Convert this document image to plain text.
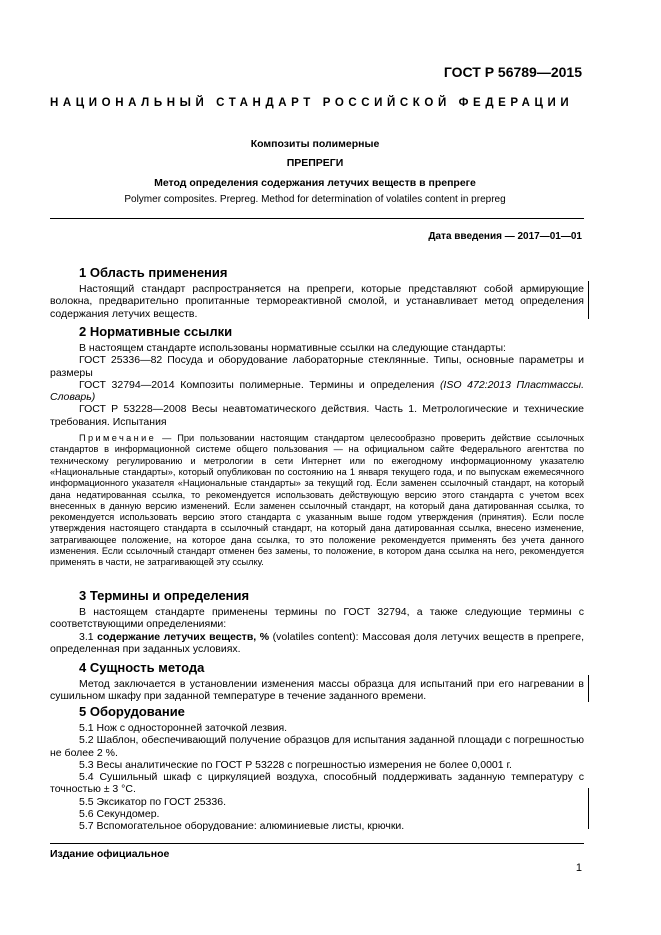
ГОСТ Р 56789—2015
НАЦИОНАЛЬНЫЙ СТАНДАРТ РОССИЙСКОЙ ФЕДЕРАЦИИ
Композиты полимерные
ПРЕПРЕГИ
Метод определения содержания летучих веществ в препреге
Polymer composites. Prepreg. Method for determination of volatiles content in prepreg
Дата введения — 2017—01—01
1 Область применения

Настоящий стандарт распространяется на препреги, которые представляют собой армирующие волокна, предварительно пропитанные термореактивной смолой, и устанавливает метод определения содержания летучих веществ.

2 Нормативные ссылки

В настоящем стандарте использованы нормативные ссылки на следующие стандарты:

ГОСТ 25336—82 Посуда и оборудование лабораторные стеклянные. Типы, основные параметры и размеры

ГОСТ 32794—2014 Композиты полимерные. Термины и определения (ISO 472:2013 Пластмассы. Словарь)

ГОСТ Р 53228—2008 Весы неавтоматического действия. Часть 1. Метрологические и технические требования. Испытания

Примечание — При пользовании настоящим стандартом целесообразно проверить действие ссылочных стандартов в информационной системе общего пользования — на официальном сайте Федерального агентства по техническому регулированию и метрологии в сети Интернет или по ежегодному информационному указателю «Национальные стандарты», который опубликован по состоянию на 1 января текущего года, и по выпускам ежемесячного информационного указателя «Национальные стандарты» за текущий год. Если заменен ссылочный стандарт, на который дана недатированная ссылка, то рекомендуется использовать действующую версию этого стандарта с учетом всех внесенных в данную версию изменений. Если заменен ссылочный стандарт, на который дана датированная ссылка, то рекомендуется использовать версию этого стандарта с указанным выше годом утверждения (принятия). Если после утверждения настоящего стандарта в ссылочный стандарт, на который дана датированная ссылка, внесено изменение, затрагивающее положение, на которое дана ссылка, то это положение рекомендуется применять без учета данного изменения. Если ссылочный стандарт отменен без замены, то положение, в котором дана ссылка на него, рекомендуется применять в части, не затрагивающей эту ссылку.

3 Термины и определения

В настоящем стандарте применены термины по ГОСТ 32794, а также следующие термины с соответствующими определениями:

3.1 содержание летучих веществ, % (volatiles content): Массовая доля летучих веществ в препреге, определенная при заданных условиях.

4 Сущность метода

Метод заключается в установлении изменения массы образца для испытаний при его нагревании в сушильном шкафу при заданной температуре в течение заданного времени.

5 Оборудование

5.1 Нож с односторонней заточкой лезвия.

5.2 Шаблон, обеспечивающий получение образцов для испытания заданной площади с погрешностью не более 2 %.

5.3 Весы аналитические по ГОСТ Р 53228 с погрешностью измерения не более 0,0001 г.

5.4 Сушильный шкаф с циркуляцией воздуха, способный поддерживать заданную температуру с точностью ± 3 °С.

5.5 Эксикатор по ГОСТ 25336.

5.6 Секундомер.

5.7 Вспомогательное оборудование: алюминиевые листы, крючки.

Издание официальное
1
